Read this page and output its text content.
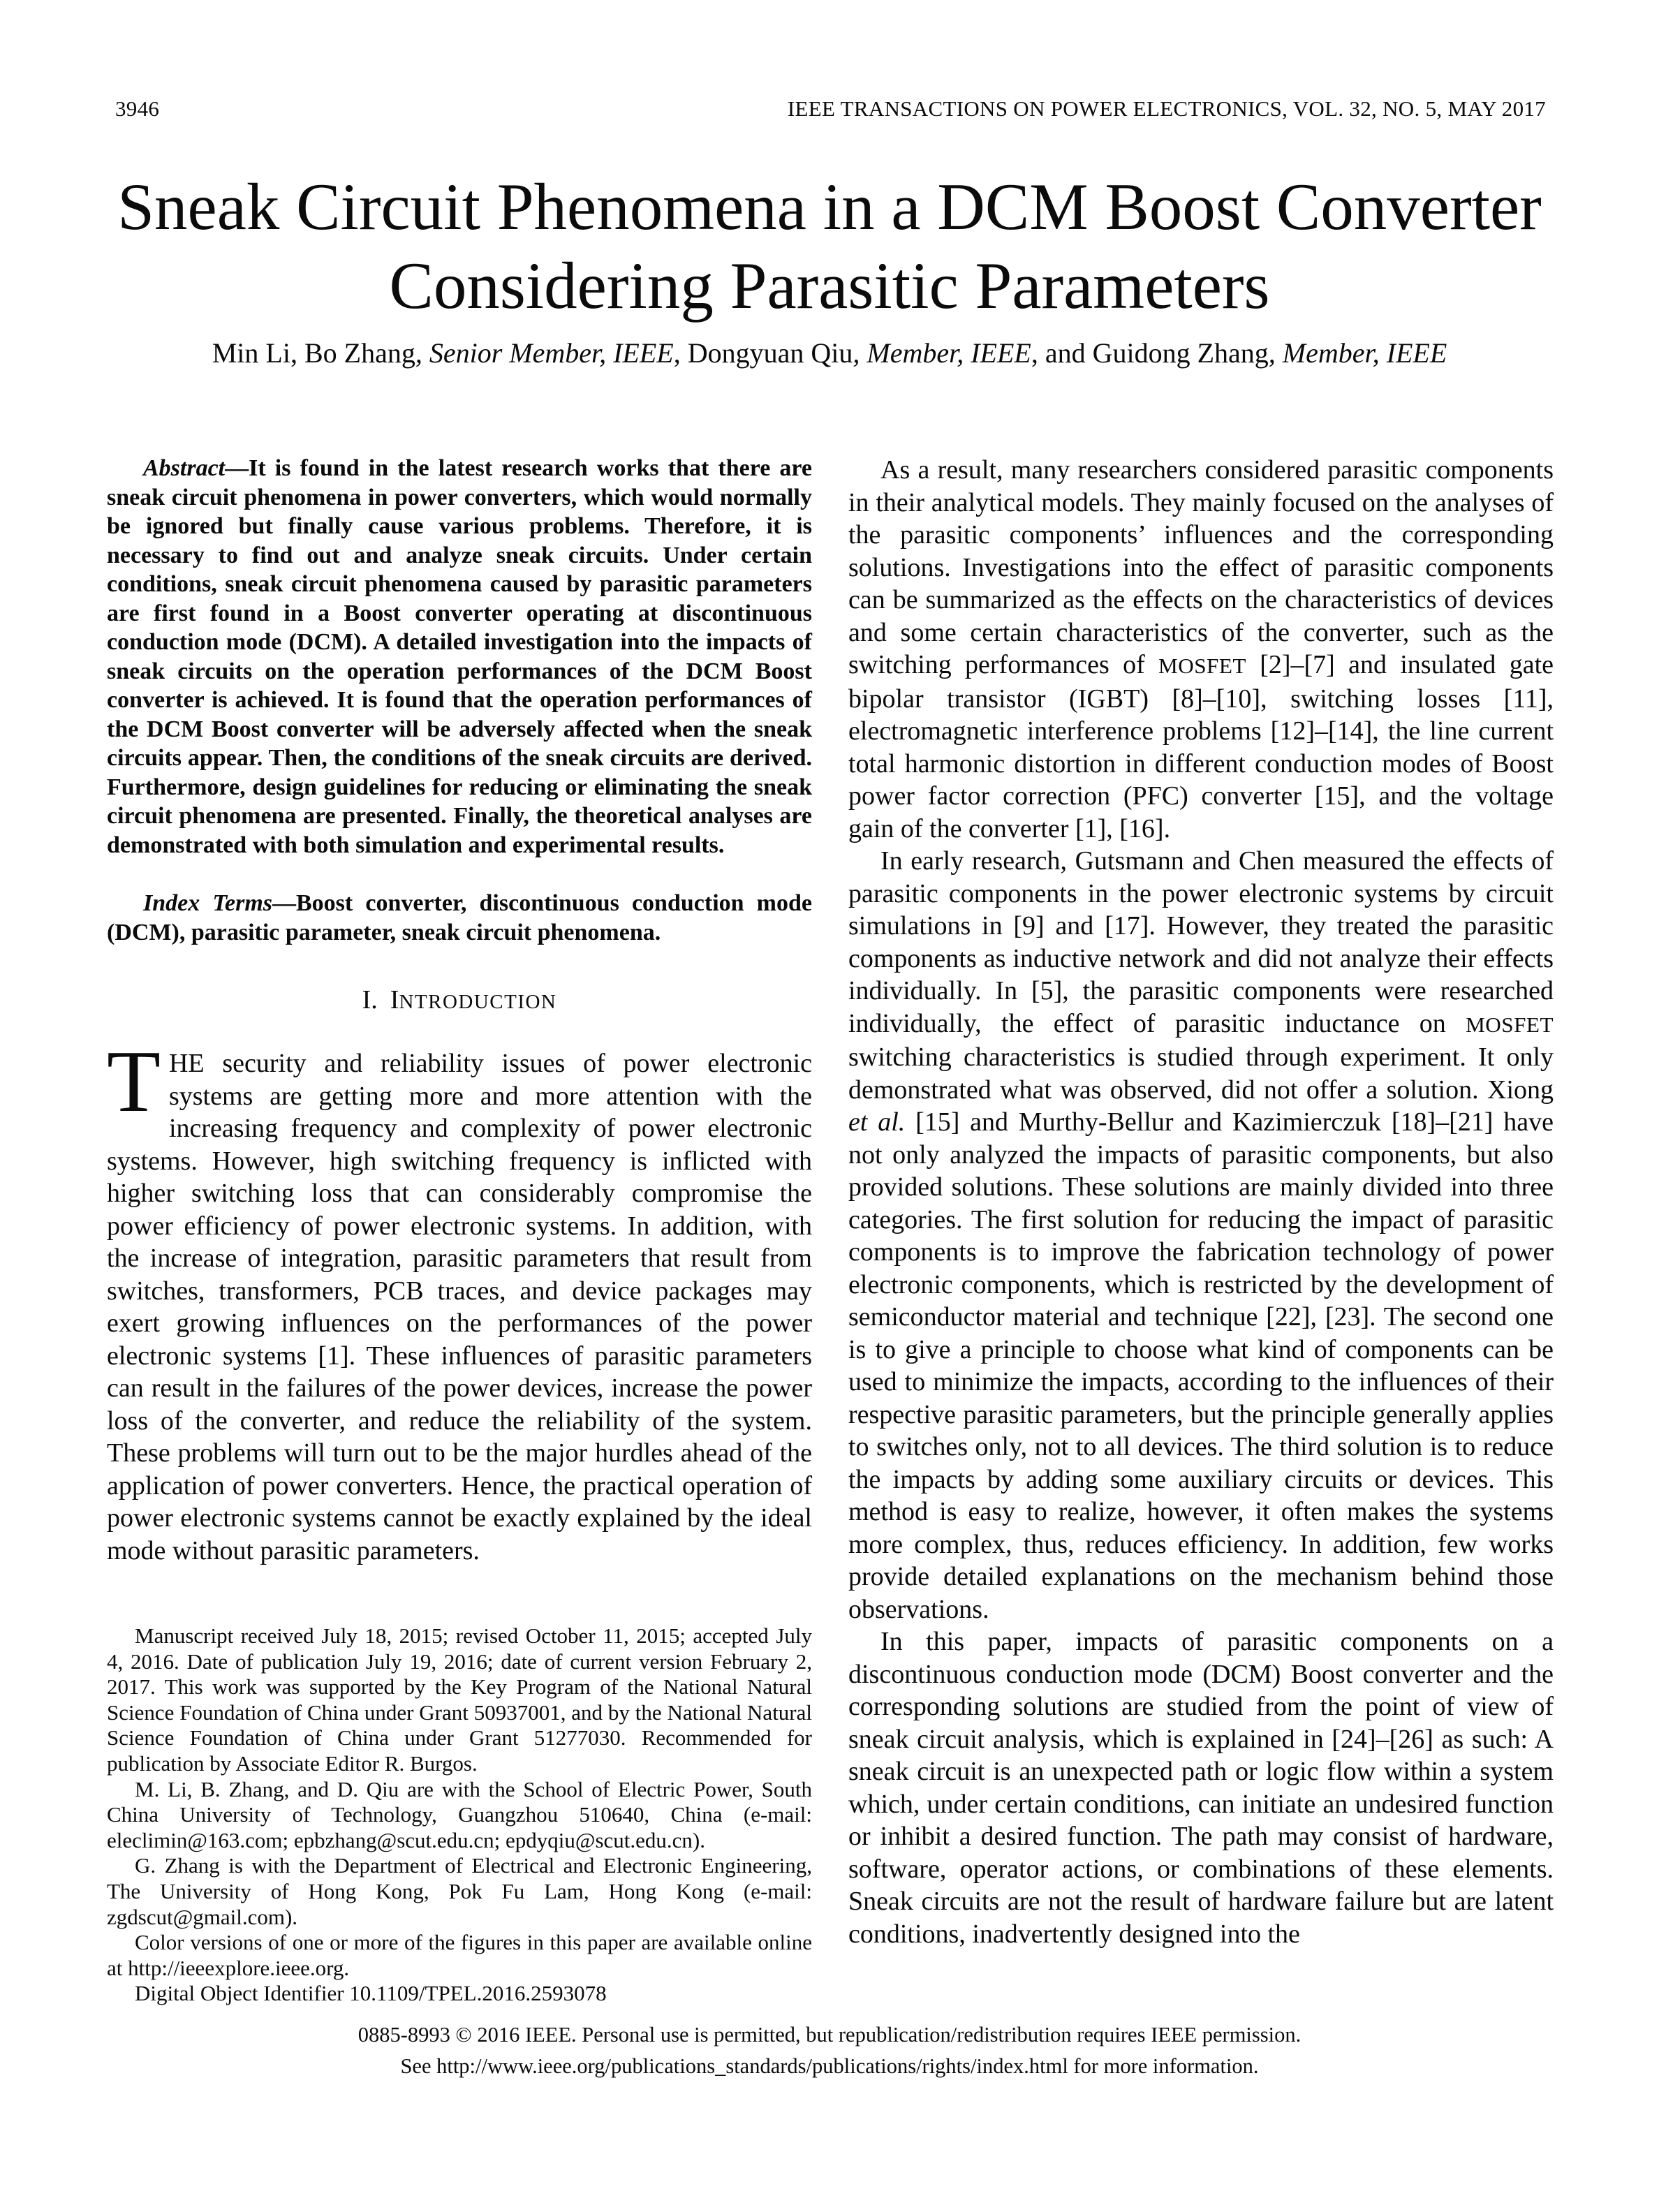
3946	IEEE TRANSACTIONS ON POWER ELECTRONICS, VOL. 32, NO. 5, MAY 2017
Sneak Circuit Phenomena in a DCM Boost Converter
Considering Parasitic Parameters
Min Li, Bo Zhang, Senior Member, IEEE, Dongyuan Qiu, Member, IEEE, and Guidong Zhang, Member, IEEE

Abstract—It is found in the latest research works that there are sneak circuit phenomena in power converters, which would normally be ignored but finally cause various problems. Therefore, it is necessary to find out and analyze sneak circuits. Under certain conditions, sneak circuit phenomena caused by parasitic parameters are first found in a Boost converter operating at discontinuous conduction mode (DCM). A detailed investigation into the impacts of sneak circuits on the operation performances of the DCM Boost converter is achieved. It is found that the operation performances of the DCM Boost converter will be adversely affected when the sneak circuits appear. Then, the conditions of the sneak circuits are derived. Furthermore, design guidelines for reducing or eliminating the sneak circuit phenomena are presented. Finally, the theoretical analyses are demonstrated with both simulation and experimental results.

Index Terms—Boost converter, discontinuous conduction mode (DCM), parasitic parameter, sneak circuit phenomena.

I. INTRODUCTION

THE security and reliability issues of power electronic systems are getting more and more attention with the increasing frequency and complexity of power electronic systems. However, high switching frequency is inflicted with higher switching loss that can considerably compromise the power efficiency of power electronic systems. In addition, with the increase of integration, parasitic parameters that result from switches, transformers, PCB traces, and device packages may exert growing influences on the performances of the power electronic systems [1]. These influences of parasitic parameters can result in the failures of the power devices, increase the power loss of the converter, and reduce the reliability of the system. These problems will turn out to be the major hurdles ahead of the application of power converters. Hence, the practical operation of power electronic systems cannot be exactly explained by the ideal mode without parasitic parameters.

Manuscript received July 18, 2015; revised October 11, 2015; accepted July 4, 2016. Date of publication July 19, 2016; date of current version February 2, 2017. This work was supported by the Key Program of the National Natural Science Foundation of China under Grant 50937001, and by the National Natural Science Foundation of China under Grant 51277030. Recommended for publication by Associate Editor R. Burgos.

M. Li, B. Zhang, and D. Qiu are with the School of Electric Power, South China University of Technology, Guangzhou 510640, China (e-mail: eleclimin@163.com; epbzhang@scut.edu.cn; epdyqiu@scut.edu.cn).

G. Zhang is with the Department of Electrical and Electronic Engineering, The University of Hong Kong, Pok Fu Lam, Hong Kong (e-mail: zgdscut@gmail.com).

Color versions of one or more of the figures in this paper are available online at http://ieeexplore.ieee.org.

Digital Object Identifier 10.1109/TPEL.2016.2593078

As a result, many researchers considered parasitic components in their analytical models. They mainly focused on the analyses of the parasitic components’ influences and the corresponding solutions. Investigations into the effect of parasitic components can be summarized as the effects on the characteristics of devices and some certain characteristics of the converter, such as the switching performances of MOSFET [2]–[7] and insulated gate bipolar transistor (IGBT) [8]–[10], switching losses [11], electromagnetic interference problems [12]–[14], the line current total harmonic distortion in different conduction modes of Boost power factor correction (PFC) converter [15], and the voltage gain of the converter [1], [16].

In early research, Gutsmann and Chen measured the effects of parasitic components in the power electronic systems by circuit simulations in [9] and [17]. However, they treated the parasitic components as inductive network and did not analyze their effects individually. In [5], the parasitic components were researched individually, the effect of parasitic inductance on MOSFET switching characteristics is studied through experiment. It only demonstrated what was observed, did not offer a solution. Xiong et al. [15] and Murthy-Bellur and Kazimierczuk [18]–[21] have not only analyzed the impacts of parasitic components, but also provided solutions. These solutions are mainly divided into three categories. The first solution for reducing the impact of parasitic components is to improve the fabrication technology of power electronic components, which is restricted by the development of semiconductor material and technique [22], [23]. The second one is to give a principle to choose what kind of components can be used to minimize the impacts, according to the influences of their respective parasitic parameters, but the principle generally applies to switches only, not to all devices. The third solution is to reduce the impacts by adding some auxiliary circuits or devices. This method is easy to realize, however, it often makes the systems more complex, thus, reduces efficiency. In addition, few works provide detailed explanations on the mechanism behind those observations.

In this paper, impacts of parasitic components on a discontinuous conduction mode (DCM) Boost converter and the corresponding solutions are studied from the point of view of sneak circuit analysis, which is explained in [24]–[26] as such: A sneak circuit is an unexpected path or logic flow within a system which, under certain conditions, can initiate an undesired function or inhibit a desired function. The path may consist of hardware, software, operator actions, or combinations of these elements. Sneak circuits are not the result of hardware failure but are latent conditions, inadvertently designed into the

0885-8993 © 2016 IEEE. Personal use is permitted, but republication/redistribution requires IEEE permission.
See http://www.ieee.org/publications_standards/publications/rights/index.html for more information.
